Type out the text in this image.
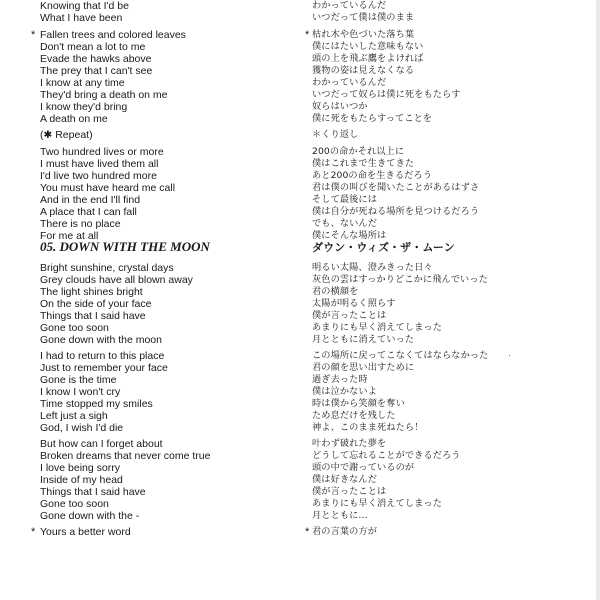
Knowing that I'd be
What I have been
Fallen trees and colored leaves
Don't mean a lot to me
Evade the hawks above
The prey that I can't see
I know at any time
They'd bring a death on me
I know they'd bring
A death on me
(✱ Repeat)
Two hundred lives or more
I must have lived them all
I'd live two hundred more
You must have heard me call
And in the end I'll find
A place that I can fall
There is no place
For me at all
Bright sunshine, crystal days
Grey clouds have all blown away
The light shines bright
On the side of your face
Things that I said have
Gone too soon
Gone down with the moon
I had to return to this place
Just to remember your face
Gone is the time
I know I won't cry
Time stopped my smiles
Left just a sigh
God, I wish I'd die
But how can I forget about
Broken dreams that never come true
I love being sorry
Inside of my head
Things that I said have
Gone too soon
Gone down with the -
Yours a better word
05. DOWN WITH THE MOON
わかっているんだ
いつだって僕は僕のまま
枯れ木や色づいた落ち葉
僕にはたいした意味もない
頭の上を飛ぶ鷹をよければ
獲物の姿は見えなくなる
わかっているんだ
いつだって奴らは僕に死をもたらす
奴らはいつか
僕に死をもたらすってことを
＊くり返し
200の命かそれ以上に
僕はこれまで生きてきた
あと200の命を生きるだろう
君は僕の叫びを聞いたことがあるはずさ
そして最後には
僕は自分が死ねる場所を見つけるだろう
でも、ないんだ
僕にそんな場所は
明るい太陽、澄みきった日々
灰色の雲はすっかりどこかに飛んでいった
君の横顔を
太陽が明るく照らす
僕が言ったことは
あまりにも早く消えてしまった
月とともに消えていった
この場所に戻ってこなくてはならなかった
君の顔を思い出すために
過ぎ去った時
僕は泣かないよ
時は僕から笑顔を奪い
ため息だけを残した
神よ、このまま死ねたら！
叶わず破れた夢を
どうして忘れることができるだろう
頭の中で謝っているのが
僕は好きなんだ
僕が言ったことは
あまりにも早く消えてしまった
月とともに…
君の言葉の方が
ダウン・ウィズ・ザ・ムーン
·
*
*
*
*
